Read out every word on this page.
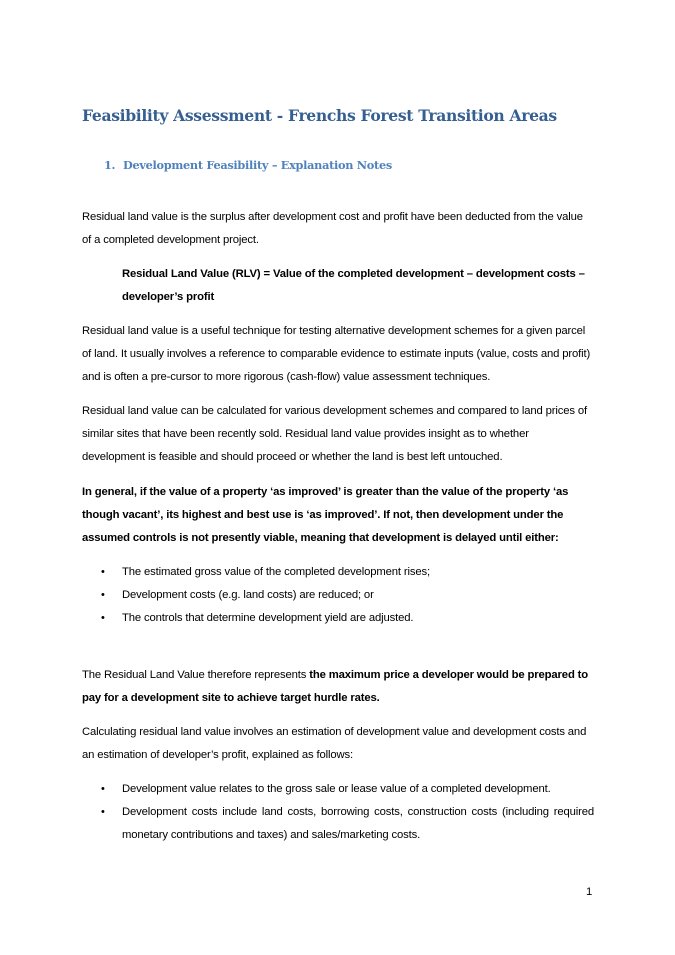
Feasibility Assessment - Frenchs Forest Transition Areas
1. Development Feasibility – Explanation Notes
Residual land value is the surplus after development cost and profit have been deducted from the value of a completed development project.
Residual Land Value (RLV) = Value of the completed development – development costs – developer’s profit
Residual land value is a useful technique for testing alternative development schemes for a given parcel of land. It usually involves a reference to comparable evidence to estimate inputs (value, costs and profit) and is often a pre-cursor to more rigorous (cash-flow) value assessment techniques.
Residual land value can be calculated for various development schemes and compared to land prices of similar sites that have been recently sold. Residual land value provides insight as to whether development is feasible and should proceed or whether the land is best left untouched.
In general, if the value of a property ‘as improved’ is greater than the value of the property ‘as though vacant’, its highest and best use is ‘as improved’. If not, then development under the assumed controls is not presently viable, meaning that development is delayed until either:
• The estimated gross value of the completed development rises;
• Development costs (e.g. land costs) are reduced; or
• The controls that determine development yield are adjusted.
The Residual Land Value therefore represents the maximum price a developer would be prepared to pay for a development site to achieve target hurdle rates.
Calculating residual land value involves an estimation of development value and development costs and an estimation of developer’s profit, explained as follows:
• Development value relates to the gross sale or lease value of a completed development.
• Development costs include land costs, borrowing costs, construction costs (including required monetary contributions and taxes) and sales/marketing costs.
1
